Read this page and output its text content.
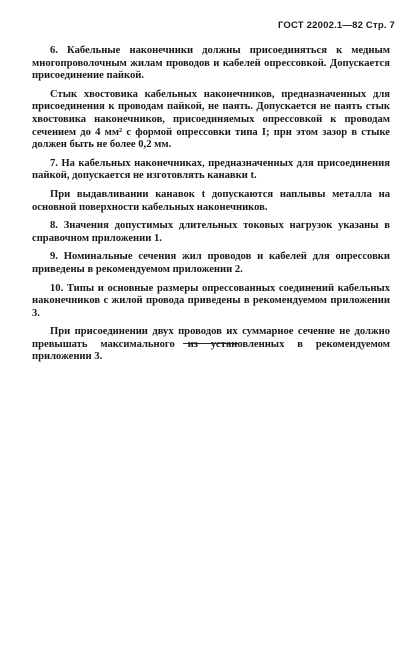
ГОСТ 22002.1—82 Стр. 7

6. Кабельные наконечники должны присоединяться к медным многопроволочным жилам проводов и кабелей опрессовкой. Допускается присоединение пайкой.

Стык хвостовика кабельных наконечников, предназначенных для присоединения к проводам пайкой, не паять. Допускается не паять стык хвостовика наконечников, присоединяемых опрессовкой к проводам сечением до 4 мм² с формой опрессовки типа I; при этом зазор в стыке должен быть не более 0,2 мм.

7. На кабельных наконечниках, предназначенных для присоединения пайкой, допускается не изготовлять канавки t.

При выдавливании канавок t допускаются наплывы металла на основной поверхности кабельных наконечников.

8. Значения допустимых длительных токовых нагрузок указаны в справочном приложении 1.

9. Номинальные сечения жил проводов и кабелей для опрессовки приведены в рекомендуемом приложении 2.

10. Типы и основные размеры опрессованных соединений кабельных наконечников с жилой провода приведены в рекомендуемом приложении 3.

При присоединении двух проводов их суммарное сечение не должно превышать максимального из установленных в рекомендуемом приложении 3.
